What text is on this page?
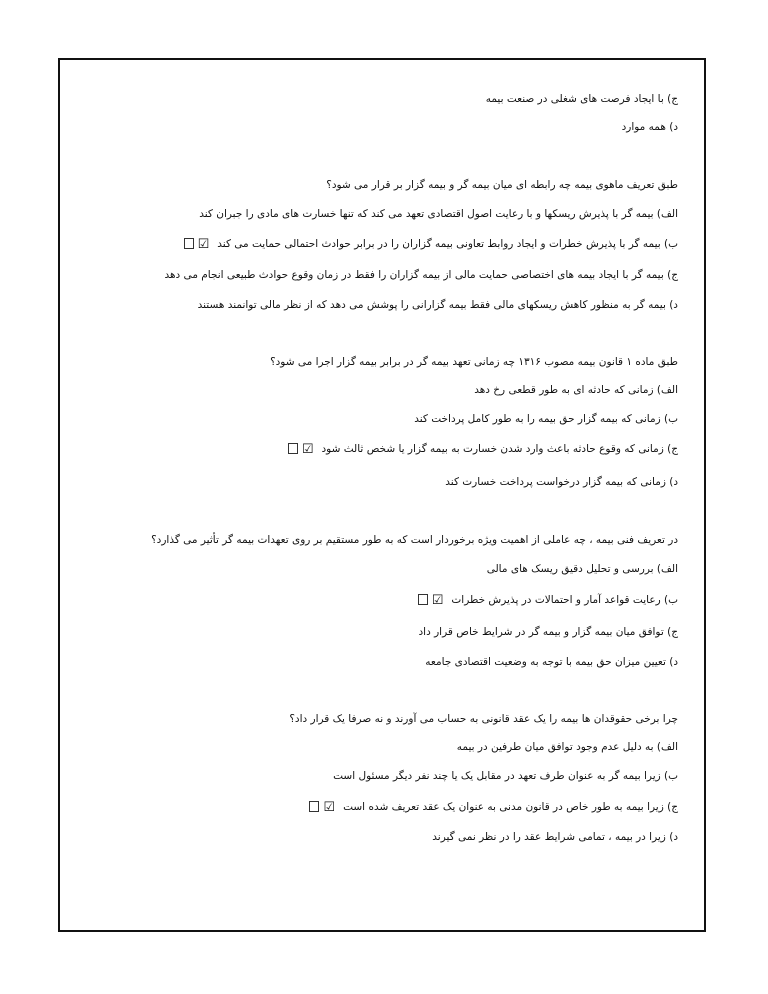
ج) با ایجاد فرصت های شغلی در صنعت بیمه
د) همه موارد
طبق تعریف ماهوی بیمه چه رابطه ای میان بیمه گر و بیمه گزار بر قرار می شود؟
الف) بیمه گر با پذیرش ریسکها و با رعایت اصول اقتصادی تعهد می کند که تنها خسارت های مادی را جبران کند
ب) بیمه گر با پذیرش خطرات و ایجاد روابط تعاونی بیمه گزاران را در برابر حوادث احتمالی حمایت می کند☑
ج) بیمه گر با ایجاد بیمه های اختصاصی حمایت مالی از بیمه گزاران را فقط در زمان وقوع حوادث طبیعی انجام می دهد
د) بیمه گر به منظور کاهش ریسکهای مالی فقط بیمه گزارانی را پوشش می دهد که از نظر مالی توانمند هستند
طبق ماده ۱ قانون بیمه مصوب ۱۳۱۶ چه زمانی تعهد بیمه گر در برابر بیمه گزار اجرا می شود؟
الف) زمانی که حادثه ای به طور قطعی رخ دهد
ب) زمانی که بیمه گزار حق بیمه را به طور کامل پرداخت کند
ج) زمانی که وقوع حادثه باعث وارد شدن خسارت به بیمه گزار یا شخص ثالث شود☑
د) زمانی که بیمه گزار درخواست پرداخت خسارت کند
در تعریف فنی بیمه ، چه عاملی از اهمیت ویژه برخوردار است که به طور مستقیم بر روی تعهدات بیمه گر تأثیر می گذارد؟
الف) بررسی و تحلیل دقیق ریسک های مالی
ب) رعایت قواعد آمار و احتمالات در پذیرش خطرات☑
ج) توافق میان بیمه گزار و بیمه گر در شرایط خاص قرار داد
د) تعیین میزان حق بیمه با توجه به وضعیت اقتصادی جامعه
چرا برخی حقوقدان ها بیمه را یک عقد قانونی به حساب می آورند و نه صرفا یک قرار داد؟
الف) به دلیل عدم وجود توافق میان طرفین در بیمه
ب) زیرا بیمه گر به عنوان طرف تعهد در مقابل یک یا چند نفر دیگر مسئول است
ج) زیرا بیمه به طور خاص در قانون مدنی به عنوان یک عقد تعریف شده است☑
د) زیرا در بیمه ، تمامی شرایط عقد را در نظر نمی گیرند
